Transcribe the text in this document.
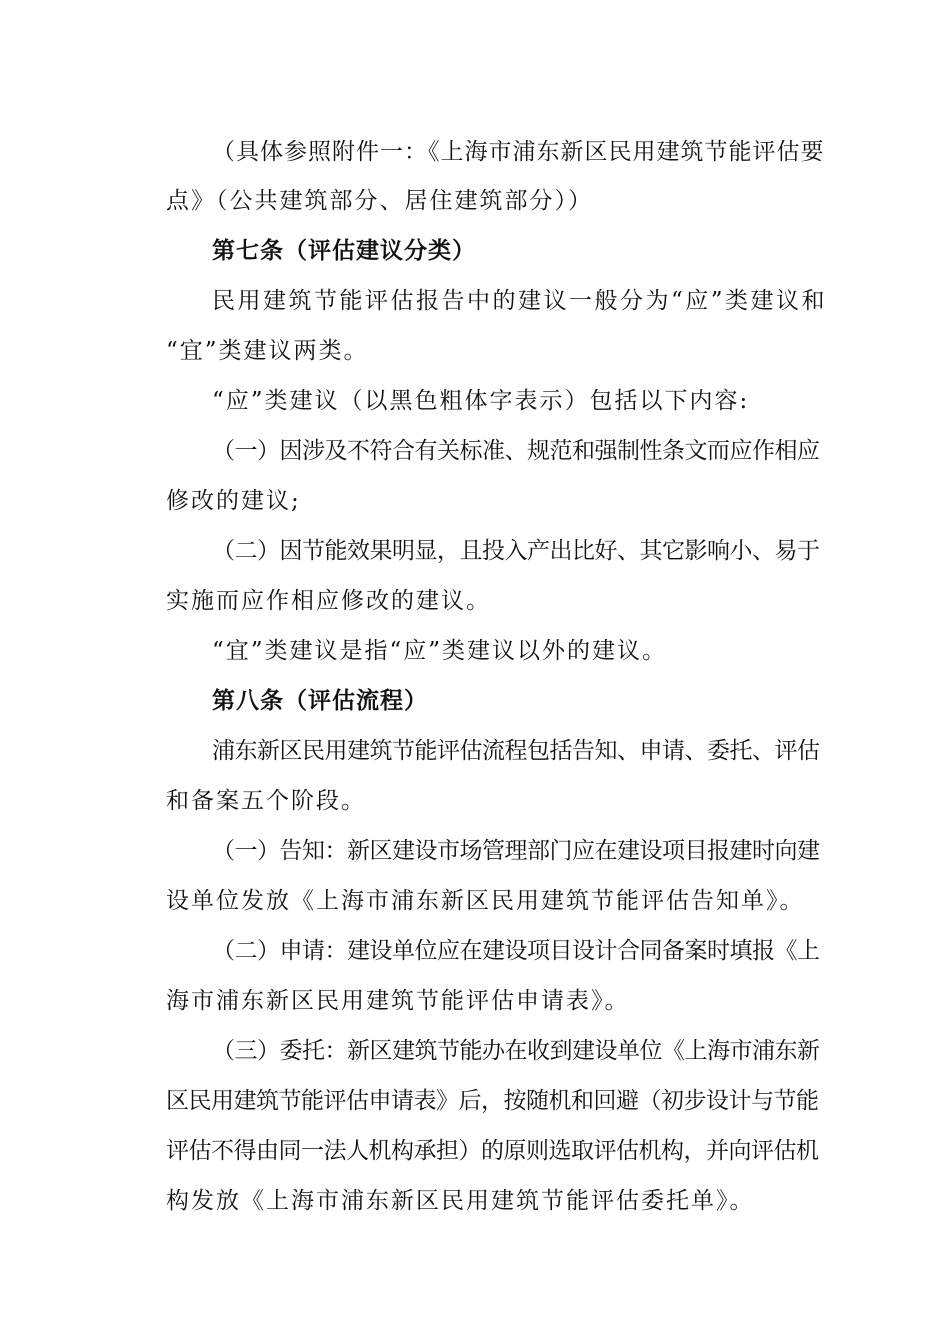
（具体参照附件一：《上海市浦东新区民用建筑节能评估要
点》（公共建筑部分、居住建筑部分））
第七条（评估建议分类）
民用建筑节能评估报告中的建议一般分为“应”类建议和
“宜”类建议两类。
“应”类建议（以黑色粗体字表示）包括以下内容:
（一）因涉及不符合有关标准、规范和强制性条文而应作相应
修改的建议;
（二）因节能效果明显，且投入产出比好、其它影响小、易于
实施而应作相应修改的建议。
“宜”类建议是指“应”类建议以外的建议。
第八条（评估流程）
浦东新区民用建筑节能评估流程包括告知、申请、委托、评估
和备案五个阶段。
（一）告知：新区建设市场管理部门应在建设项目报建时向建
设单位发放《上海市浦东新区民用建筑节能评估告知单》。
（二）申请：建设单位应在建设项目设计合同备案时填报《上
海市浦东新区民用建筑节能评估申请表》。
（三）委托：新区建筑节能办在收到建设单位《上海市浦东新
区民用建筑节能评估申请表》后，按随机和回避（初步设计与节能
评估不得由同一法人机构承担）的原则选取评估机构，并向评估机
构发放《上海市浦东新区民用建筑节能评估委托单》。
